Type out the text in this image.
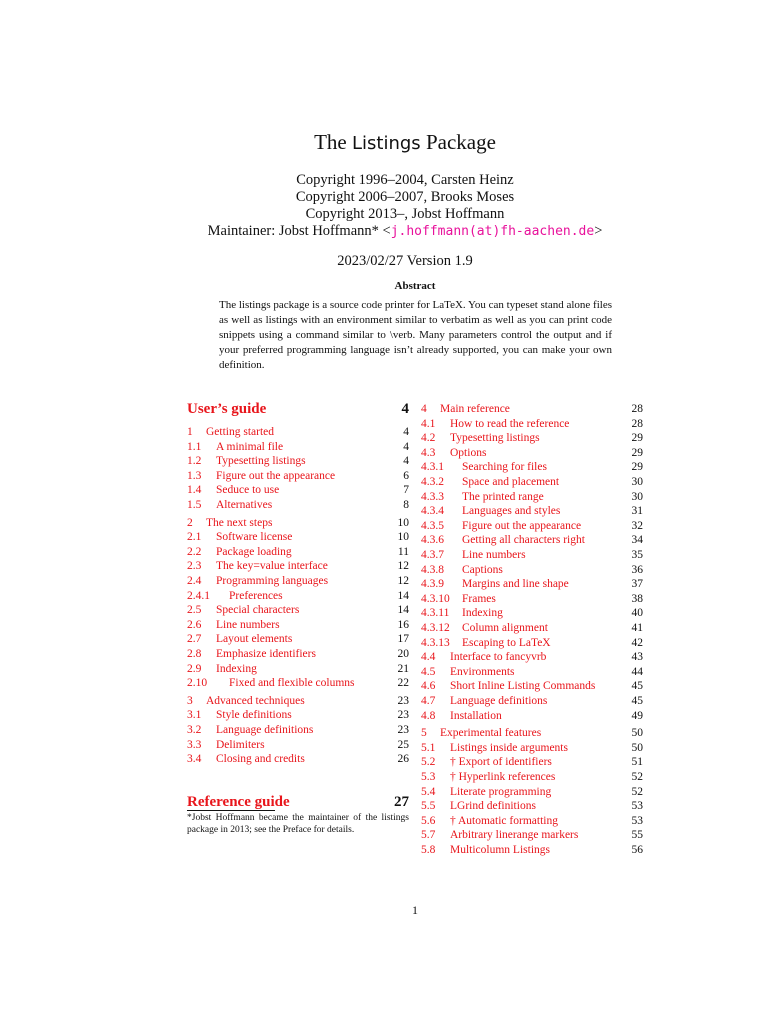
The Listings Package
Copyright 1996–2004, Carsten Heinz
Copyright 2006–2007, Brooks Moses
Copyright 2013–, Jobst Hoffmann
Maintainer: Jobst Hoffmann* <j.hoffmann(at)fh-aachen.de>
2023/02/27 Version 1.9
Abstract
The listings package is a source code printer for LaTeX. You can typeset stand alone files as well as listings with an environment similar to verbatim as well as you can print code snippets using a command similar to \verb. Many parameters control the output and if your preferred programming language isn’t already supported, you can make your own definition.
User’s guide	4
1 Getting started	4
1.1 A minimal file	4
1.2 Typesetting listings	4
1.3 Figure out the appearance	6
1.4 Seduce to use	7
1.5 Alternatives	8
2 The next steps	10
2.1 Software license	10
2.2 Package loading	11
2.3 The key=value interface	12
2.4 Programming languages	12
2.4.1 Preferences	14
2.5 Special characters	14
2.6 Line numbers	16
2.7 Layout elements	17
2.8 Emphasize identifiers	20
2.9 Indexing	21
2.10 Fixed and flexible columns	22
3 Advanced techniques	23
3.1 Style definitions	23
3.2 Language definitions	23
3.3 Delimiters	25
3.4 Closing and credits	26
Reference guide	27
4 Main reference	28
4.1 How to read the reference	28
4.2 Typesetting listings	29
4.3 Options	29
4.3.1 Searching for files	29
4.3.2 Space and placement	30
4.3.3 The printed range	30
4.3.4 Languages and styles	31
4.3.5 Figure out the appearance	32
4.3.6 Getting all characters right	34
4.3.7 Line numbers	35
4.3.8 Captions	36
4.3.9 Margins and line shape	37
4.3.10 Frames	38
4.3.11 Indexing	40
4.3.12 Column alignment	41
4.3.13 Escaping to LaTeX	42
4.4 Interface to fancyvrb	43
4.5 Environments	44
4.6 Short Inline Listing Commands	45
4.7 Language definitions	45
4.8 Installation	49
5 Experimental features	50
5.1 Listings inside arguments	50
5.2 † Export of identifiers	51
5.3 † Hyperlink references	52
5.4 Literate programming	52
5.5 LGrind definitions	53
5.6 † Automatic formatting	53
5.7 Arbitrary linerange markers	55
5.8 Multicolumn Listings	56
*Jobst Hoffmann became the maintainer of the listings package in 2013; see the Preface for details.
1
